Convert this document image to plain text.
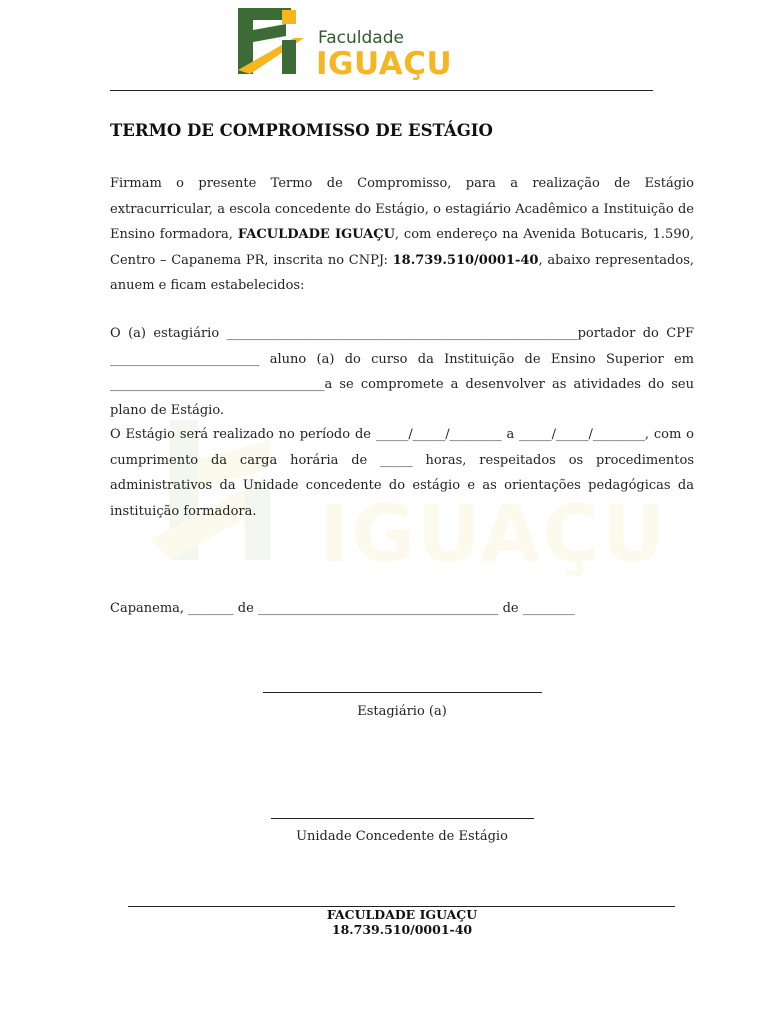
IGUAÇU
Faculdade
IGUAÇU
TERMO DE COMPROMISSO DE ESTÁGIO

Firmam o presente Termo de Compromisso, para a realização de Estágio extracurricular, a escola concedente do Estágio, o estagiário Acadêmico a Instituição de Ensino formadora, FACULDADE IGUAÇU, com endereço na Avenida Botucaris, 1.590, Centro – Capanema PR, inscrita no CNPJ: 18.739.510/0001-40, abaixo representados, anuem e ficam estabelecidos:

O (a) estagiário ______________________________________________________portador do CPF _______________________ aluno (a) do curso da Instituição de Ensino Superior em _________________________________a se compromete a desenvolver as atividades do seu plano de Estágio.

O Estágio será realizado no período de _____/_____/________ a _____/_____/________, com o cumprimento da carga horária de _____ horas, respeitados os procedimentos administrativos da Unidade concedente do estágio e as orientações pedagógicas da instituição formadora.

Capanema, _______ de _____________________________________ de ________
Estagiário (a)
Unidade Concedente de Estágio
FACULDADE IGUAÇU
18.739.510/0001-40
